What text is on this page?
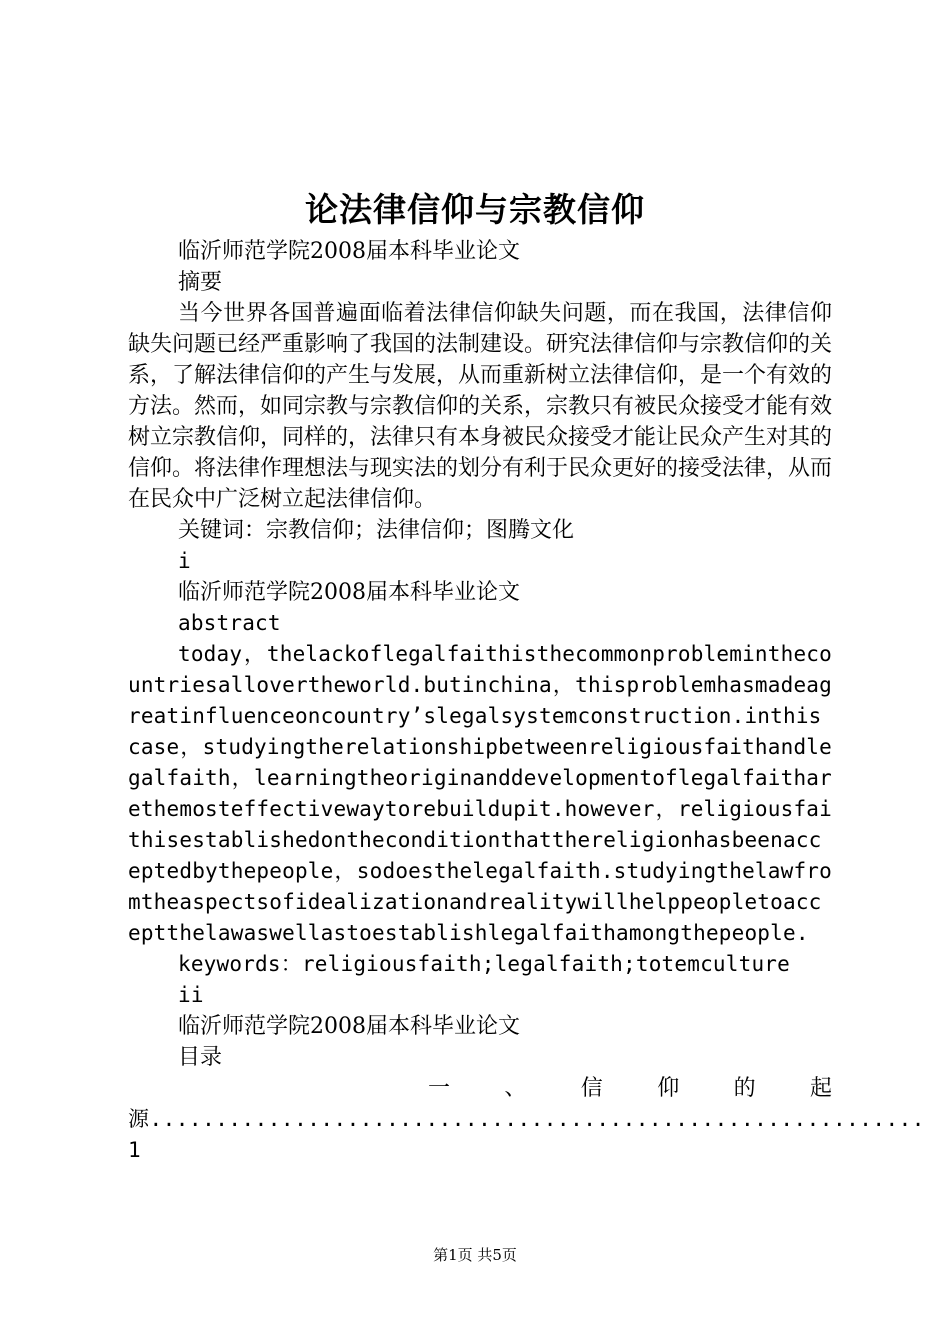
论法律信仰与宗教信仰

临沂师范学院2008届本科毕业论文

摘要

当今世界各国普遍面临着法律信仰缺失问题，而在我国，法律信仰缺失问题已经严重影响了我国的法制建设。研究法律信仰与宗教信仰的关系，了解法律信仰的产生与发展，从而重新树立法律信仰，是一个有效的方法。然而，如同宗教与宗教信仰的关系，宗教只有被民众接受才能有效树立宗教信仰，同样的，法律只有本身被民众接受才能让民众产生对其的信仰。将法律作理想法与现实法的划分有利于民众更好的接受法律，从而在民众中广泛树立起法律信仰。

关键词：宗教信仰；法律信仰；图腾文化

i

临沂师范学院2008届本科毕业论文

abstract

today，thelackoflegalfaithisthecommonproblemintheco untriesallovertheworld.butinchina，thisproblemhasmadeagreatinfluenceoncountry’slegalsystemconstruction.inthiscase，studyingtherelationshipbetweenreligiousfaithandlegalfaith，learningtheoriginanddevelopmentoflegalfaitharethemosteffectivewaytorebuildupit.however，religiousfaithisestablishedontheconditionthatthereligionhasbeenacceptedbythepeople，sodoesthelegalfaith.studyingthelawfromtheaspectsofidealizationandrealitywillhelppeopletoacceptthelawaswellastoestablishlegalfaithamongthepeople.

keywords：religiousfaith;legalfaith;totemculture

ii

临沂师范学院2008届本科毕业论文

目录

一、信仰的起

源...........................................................1

第1页 共5页
